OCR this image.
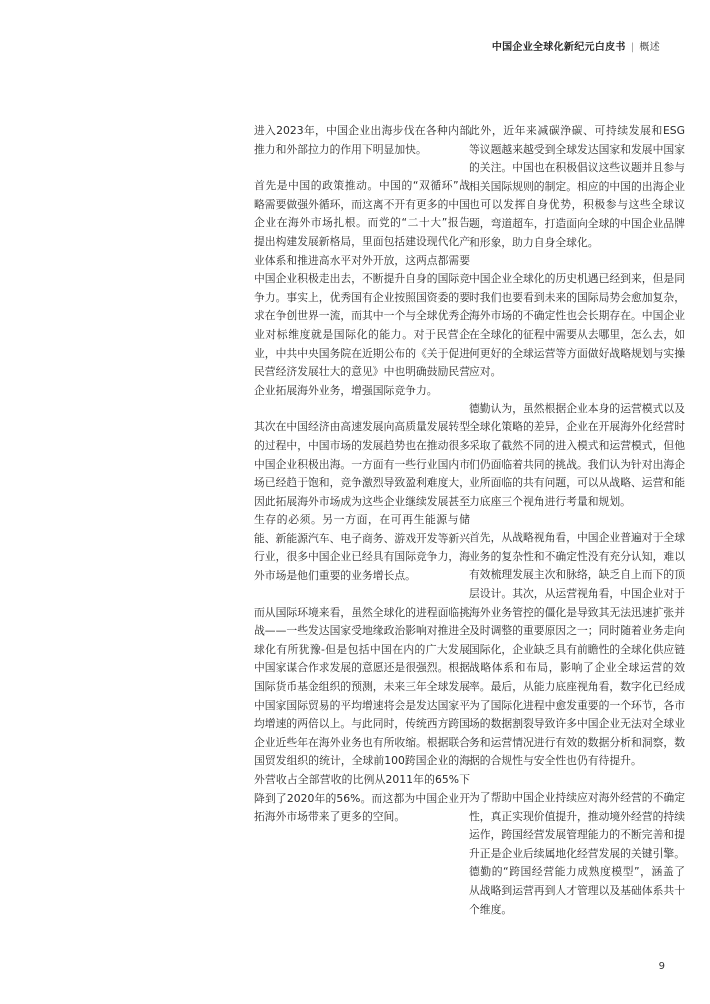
中国企业全球化新纪元白皮书 | 概述

进入2023年，中国企业出海步伐在各种内部推力和外部拉力的作用下明显加快。

首先是中国的政策推动。中国的“双循环”战略需要做强外循环，而这离不开有更多的中国企业在海外市场扎根。而党的“二十大”报告提出构建发展新格局，里面包括建设现代化产业体系和推进高水平对外开放，这两点都需要中国企业积极走出去，不断提升自身的国际竞争力。事实上，优秀国有企业按照国资委的要求在争创世界一流，而其中一个与全球优秀企业对标维度就是国际化的能力。对于民营企业，中共中央国务院在近期公布的《关于促进民营经济发展壮大的意见》中也明确鼓励民营企业拓展海外业务，增强国际竞争力。

其次在中国经济由高速发展向高质量发展转型的过程中，中国市场的发展趋势也在推动很多中国企业积极出海。一方面有一些行业国内市场已经趋于饱和，竞争激烈导致盈利难度大，因此拓展海外市场成为这些企业继续发展甚至生存的必须。另一方面，在可再生能源与储能、新能源汽车、电子商务、游戏开发等新兴行业，很多中国企业已经具有国际竞争力，海外市场是他们重要的业务增长点。

而从国际环境来看，虽然全球化的进程面临挑战——一些发达国家受地缘政治影响对推进全球化有所犹豫-但是包括中国在内的广大发展中国家谋合作求发展的意愿还是很强烈。根据国际货币基金组织的预测，未来三年全球发展中国家国际贸易的平均增速将会是发达国家平均增速的两倍以上。与此同时，传统西方跨国企业近些年在海外业务也有所收缩。根据联合国贸发组织的统计，全球前100跨国企业的海外营收占全部营收的比例从2011年的65%下降到了2020年的56%。而这都为中国企业开拓海外市场带来了更多的空间。

此外，近年来减碳浄碳、可持续发展和ESG等议题越来越受到全球发达国家和发展中国家的关注。中国也在积极倡议这些议题并且参与相关国际规则的制定。相应的中国的出海企业也可以发挥自身优势，积极参与这些全球议题，弯道超车，打造面向全球的中国企业品牌和形象，助力自身全球化。

中国企业全球化的历史机遇已经到来，但是同时我们也要看到未来的国际局势会愈加复杂，海外市场的不确定性也会长期存在。中国企业在全球化的征程中需要从去哪里，怎么去，如何更好的全球运营等方面做好战略规划与实操应对。

德勤认为，虽然根据企业本身的运营模式以及全球化策略的差异，企业在开展海外化经营时采取了截然不同的进入模式和运营模式，但他们仍面临着共同的挑战。我们认为针对出海企业所面临的共有问题，可以从战略、运营和能力底座三个视角进行考量和规划。

首先，从战略视角看，中国企业普遍对于全球业务的复杂性和不确定性没有充分认知，难以有效梳理发展主次和脉络，缺乏自上而下的顶层设计。其次，从运营视角看，中国企业对于海外业务管控的僵化是导致其无法迅速扩张并及时调整的重要原因之一；同时随着业务走向国际化，企业缺乏具有前瞻性的全球化供应链战略体系和布局，影响了企业全球运营的效率。最后，从能力底座视角看，数字化已经成为了国际化进程中愈发重要的一个环节，各市场的数据割裂导致许多中国企业无法对全球业务和运营情况进行有效的数据分析和洞察，数据的合规性与安全性也仍有待提升。

为了帮助中国企业持续应对海外经营的不确定性，真正实现价值提升，推动境外经营的持续运作，跨国经营发展管理能力的不断完善和提升正是企业后续属地化经营发展的关键引擎。德勤的“跨国经营能力成熟度模型”，涵盖了从战略到运营再到人才管理以及基础体系共十个维度。

9
